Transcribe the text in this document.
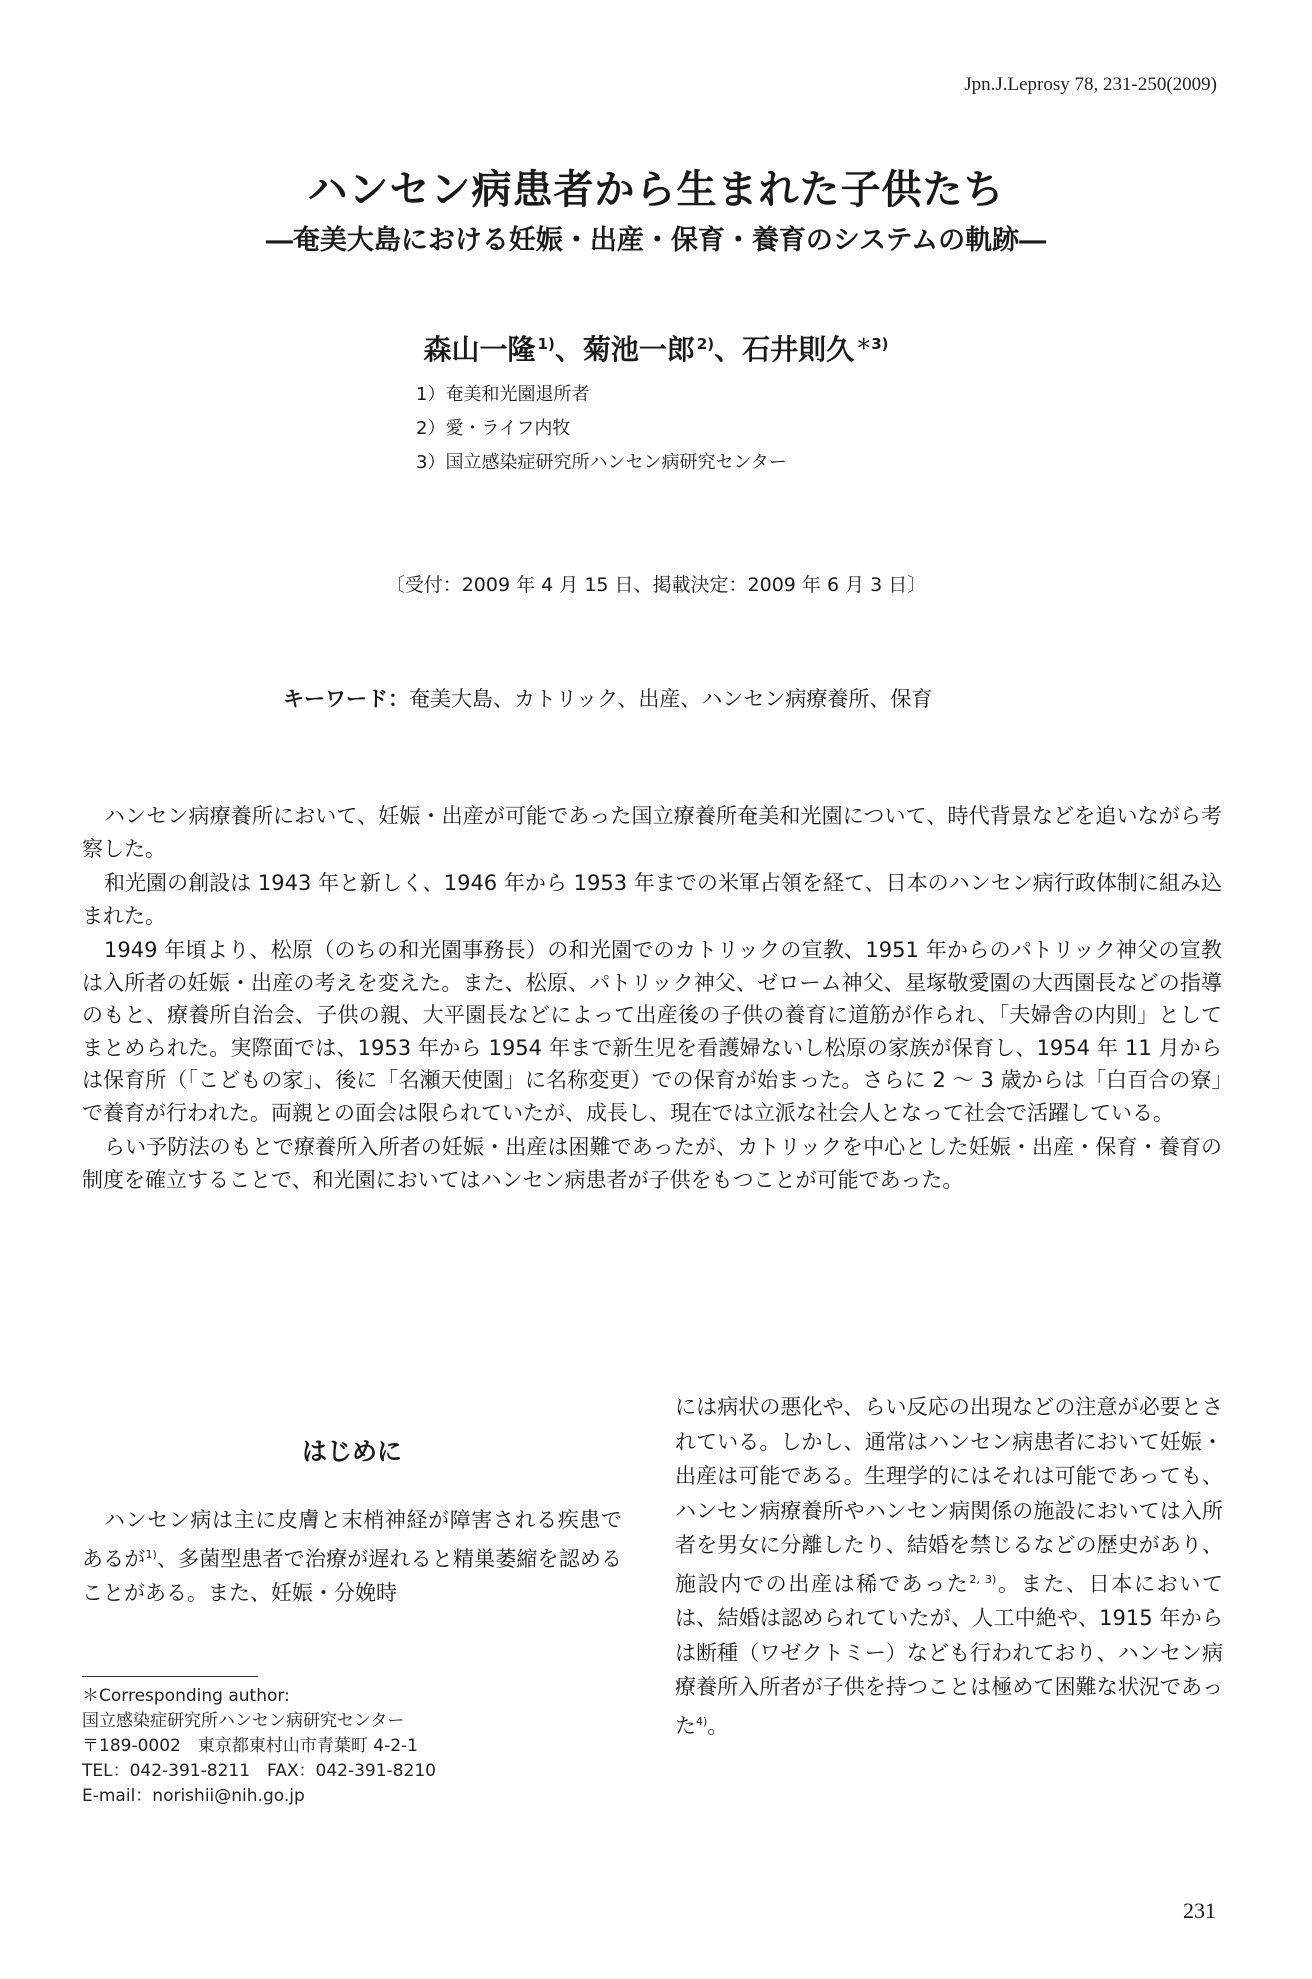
Jpn.J.Leprosy 78, 231-250(2009)
ハンセン病患者から生まれた子供たち
―奄美大島における妊娠・出産・保育・養育のシステムの軌跡―
森山一隆 $^{1)}$、菊池一郎 $^{2)}$、石井則久 $^{*3)}$
1）奄美和光園退所者
2）愛・ライフ内牧
3）国立感染症研究所ハンセン病研究センター
〔受付：2009 年 4 月 15 日、掲載決定：2009 年 6 月 3 日〕
キーワード：奄美大島、カトリック、出産、ハンセン病療養所、保育

ハンセン病療養所において、妊娠・出産が可能であった国立療養所奄美和光園について、時代背景などを追いながら考察した。

和光園の創設は 1943 年と新しく、1946 年から 1953 年までの米軍占領を経て、日本のハンセン病行政体制に組み込まれた。

1949 年頃より、松原（のちの和光園事務長）の和光園でのカトリックの宣教、1951 年からのパトリック神父の宣教は入所者の妊娠・出産の考えを変えた。また、松原、パトリック神父、ゼローム神父、星塚敬愛園の大西園長などの指導のもと、療養所自治会、子供の親、大平園長などによって出産後の子供の養育に道筋が作られ、「夫婦舎の内則」としてまとめられた。実際面では、1953 年から 1954 年まで新生児を看護婦ないし松原の家族が保育し、1954 年 11 月からは保育所（「こどもの家」、後に「名瀬天使園」に名称変更）での保育が始まった。さらに 2 ～ 3 歳からは「白百合の寮」で養育が行われた。両親との面会は限られていたが、成長し、現在では立派な社会人となって社会で活躍している。

らい予防法のもとで療養所入所者の妊娠・出産は困難であったが、カトリックを中心とした妊娠・出産・保育・養育の制度を確立することで、和光園においてはハンセン病患者が子供をもつことが可能であった。

はじめに

ハンセン病は主に皮膚と末梢神経が障害される疾患であるが$^{1)}$、多菌型患者で治療が遅れると精巣萎縮を認めることがある。また、妊娠・分娩時

には病状の悪化や、らい反応の出現などの注意が必要とされている。しかし、通常はハンセン病患者において妊娠・出産は可能である。生理学的にはそれは可能であっても、ハンセン病療養所やハンセン病関係の施設においては入所者を男女に分離したり、結婚を禁じるなどの歴史があり、施設内での出産は稀であった$^{2, 3)}$。また、日本においては、結婚は認められていたが、人工中絶や、1915 年からは断種（ワゼクトミー）なども行われており、ハンセン病療養所入所者が子供を持つことは極めて困難な状況であった$^{4)}$。

＊Corresponding author:
国立感染症研究所ハンセン病研究センター
〒189-0002　東京都東村山市青葉町 4-2-1
TEL：042-391-8211　FAX：042-391-8210
E-mail：norishii@nih.go.jp
231
